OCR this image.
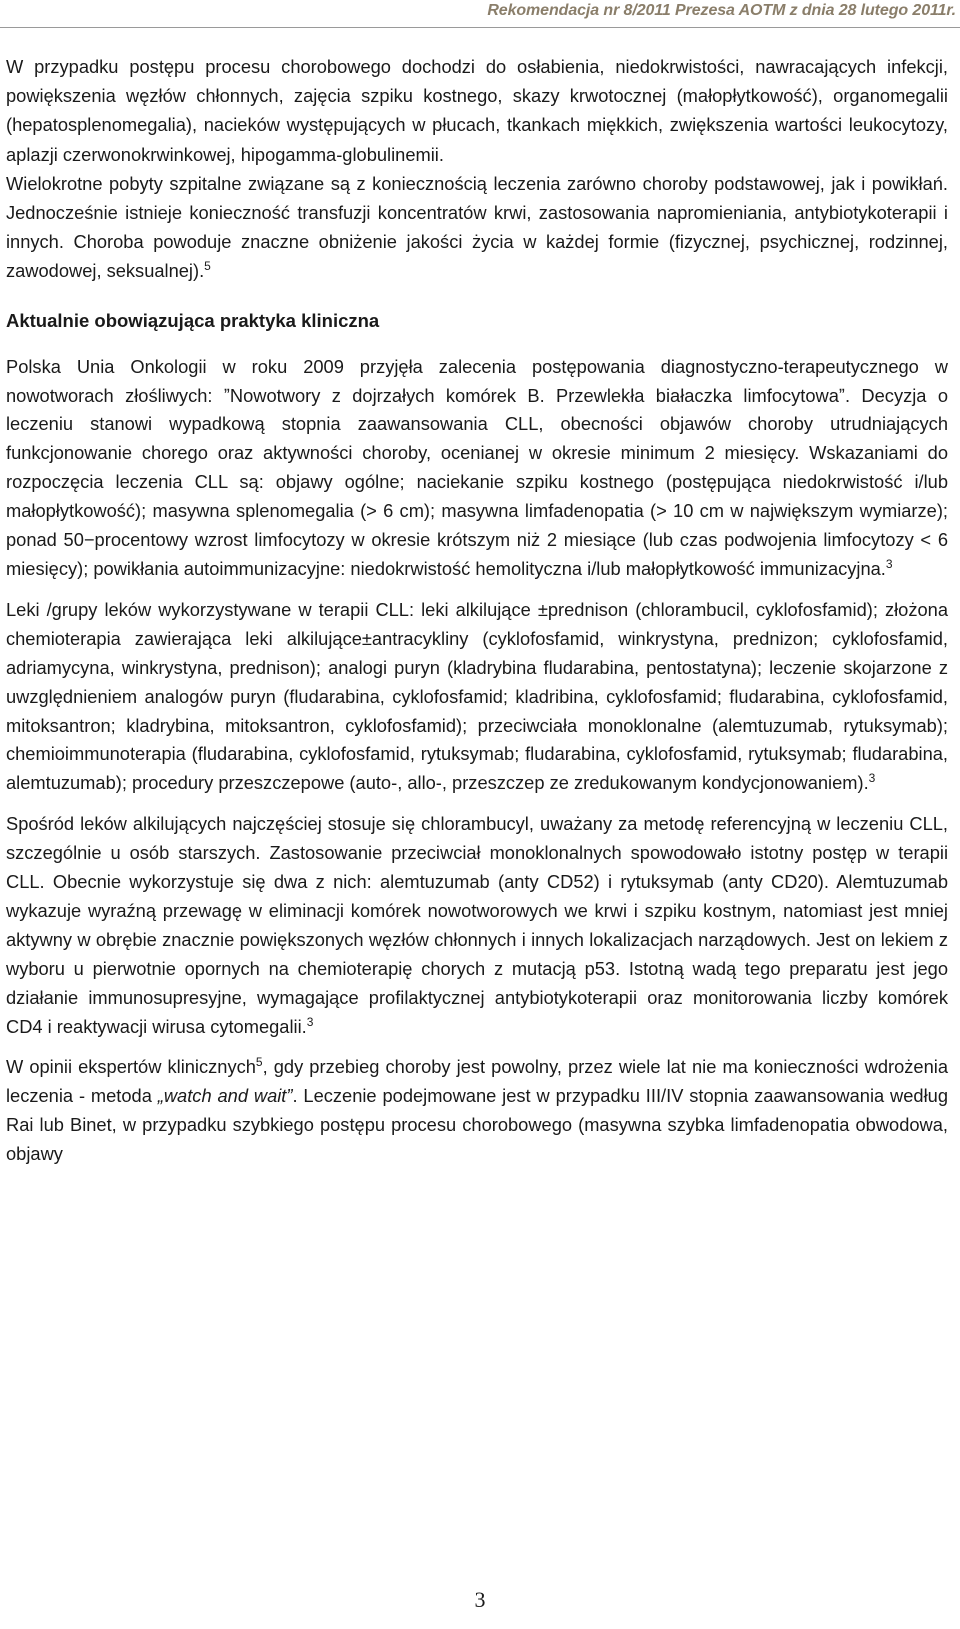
Rekomendacja nr 8/2011 Prezesa AOTM z dnia 28 lutego 2011r.

W przypadku postępu procesu chorobowego dochodzi do osłabienia, niedokrwistości, nawracających infekcji, powiększenia węzłów chłonnych, zajęcia szpiku kostnego, skazy krwotocznej (małopłytkowość), organomegalii (hepatosplenomegalia), nacieków występujących w płucach, tkankach miękkich, zwiększenia wartości leukocytozy, aplazji czerwonokrwinkowej, hipogamma-globulinemii.

Wielokrotne pobyty szpitalne związane są z koniecznością leczenia zarówno choroby podstawowej, jak i powikłań. Jednocześnie istnieje konieczność transfuzji koncentratów krwi, zastosowania napromieniania, antybiotykoterapii i innych. Choroba powoduje znaczne obniżenie jakości życia w każdej formie (fizycznej, psychicznej, rodzinnej, zawodowej, seksualnej).$^5$

Aktualnie obowiązująca praktyka kliniczna

Polska Unia Onkologii w roku 2009 przyjęła zalecenia postępowania diagnostyczno-terapeutycznego w nowotworach złośliwych: ˮNowotwory z dojrzałych komórek B. Przewlekła białaczka limfocytowaˮ. Decyzja o leczeniu stanowi wypadkową stopnia zaawansowania CLL, obecności objawów choroby utrudniających funkcjonowanie chorego oraz aktywności choroby, ocenianej w okresie minimum 2 miesięcy. Wskazaniami do rozpoczęcia leczenia CLL są: objawy ogólne; naciekanie szpiku kostnego (postępująca niedokrwistość i/lub małopłytkowość); masywna splenomegalia (> 6 cm); masywna limfadenopatia (> 10 cm w największym wymiarze); ponad 50−procentowy wzrost limfocytozy w okresie krótszym niż 2 miesiące (lub czas podwojenia limfocytozy < 6 miesięcy); powikłania autoimmunizacyjne: niedokrwistość hemolityczna i/lub małopłytkowość immunizacyjna.$^3$

Leki /grupy leków wykorzystywane w terapii CLL: leki alkilujące ±prednison (chlorambucil, cyklofosfamid); złożona chemioterapia zawierająca leki alkilujące±antracykliny (cyklofosfamid, winkrystyna, prednizon; cyklofosfamid, adriamycyna, winkrystyna, prednison); analogi puryn (kladrybina fludarabina, pentostatyna); leczenie skojarzone z uwzględnieniem analogów puryn (fludarabina, cyklofosfamid; kladribina, cyklofosfamid; fludarabina, cyklofosfamid, mitoksantron; kladrybina, mitoksantron, cyklofosfamid); przeciwciała monoklonalne (alemtuzumab, rytuksymab); chemioimmunoterapia (fludarabina, cyklofosfamid, rytuksymab; fludarabina, cyklofosfamid, rytuksymab; fludarabina, alemtuzumab); procedury przeszczepowe (auto-, allo-, przeszczep ze zredukowanym kondycjonowaniem).$^3$

Spośród leków alkilujących najczęściej stosuje się chlorambucyl, uważany za metodę referencyjną w leczeniu CLL, szczególnie u osób starszych. Zastosowanie przeciwciał monoklonalnych spowodowało istotny postęp w terapii CLL. Obecnie wykorzystuje się dwa z nich: alemtuzumab (anty CD52) i rytuksymab (anty CD20). Alemtuzumab wykazuje wyraźną przewagę w eliminacji komórek nowotworowych we krwi i szpiku kostnym, natomiast jest mniej aktywny w obrębie znacznie powiększonych węzłów chłonnych i innych lokalizacjach narządowych. Jest on lekiem z wyboru u pierwotnie opornych na chemioterapię chorych z mutacją p53. Istotną wadą tego preparatu jest jego działanie immunosupresyjne, wymagające profilaktycznej antybiotykoterapii oraz monitorowania liczby komórek CD4 i reaktywacji wirusa cytomegalii.$^3$

W opinii ekspertów klinicznych$^5$, gdy przebieg choroby jest powolny, przez wiele lat nie ma konieczności wdrożenia leczenia - metoda „watch and wait”. Leczenie podejmowane jest w przypadku III/IV stopnia zaawansowania według Rai lub Binet, w przypadku szybkiego postępu procesu chorobowego (masywna szybka limfadenopatia obwodowa, objawy

3
